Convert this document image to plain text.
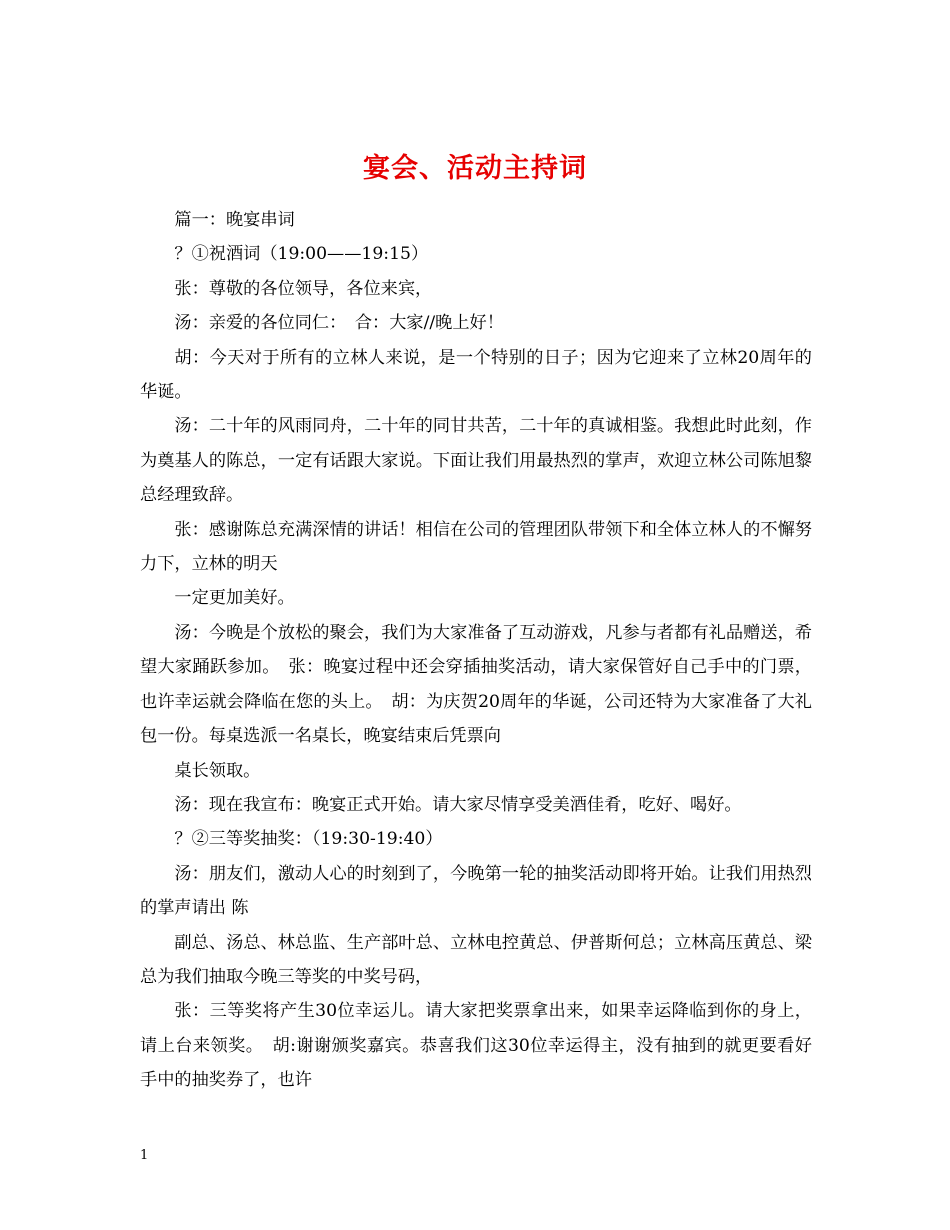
宴会、活动主持词

篇一：晚宴串词

？①祝酒词（19:00——19:15）

张：尊敬的各位领导，各位来宾，

汤：亲爱的各位同仁：　合：大家//晚上好！

胡：今天对于所有的立林人来说，是一个特别的日子；因为它迎来了立林20周年的华诞。

汤：二十年的风雨同舟，二十年的同甘共苦，二十年的真诚相鉴。我想此时此刻，作为奠基人的陈总，一定有话跟大家说。下面让我们用最热烈的掌声，欢迎立林公司陈旭黎总经理致辞。

张：感谢陈总充满深情的讲话！相信在公司的管理团队带领下和全体立林人的不懈努力下，立林的明天

一定更加美好。

汤：今晚是个放松的聚会，我们为大家准备了互动游戏，凡参与者都有礼品赠送，希望大家踊跃参加。　张：晚宴过程中还会穿插抽奖活动，请大家保管好自己手中的门票，也许幸运就会降临在您的头上。　胡：为庆贺20周年的华诞，公司还特为大家准备了大礼包一份。每桌选派一名桌长，晚宴结束后凭票向

桌长领取。

汤：现在我宣布：晚宴正式开始。请大家尽情享受美酒佳肴，吃好、喝好。

？②三等奖抽奖：（19:30-19:40）

汤：朋友们，激动人心的时刻到了，今晚第一轮的抽奖活动即将开始。让我们用热烈的掌声请出 陈

副总、汤总、林总监、生产部叶总、立林电控黄总、伊普斯何总；立林高压黄总、梁总为我们抽取今晚三等奖的中奖号码，

张：三等奖将产生30位幸运儿。请大家把奖票拿出来，如果幸运降临到你的身上，请上台来领奖。　胡:谢谢颁奖嘉宾。恭喜我们这30位幸运得主，没有抽到的就更要看好手中的抽奖券了，也许

1
